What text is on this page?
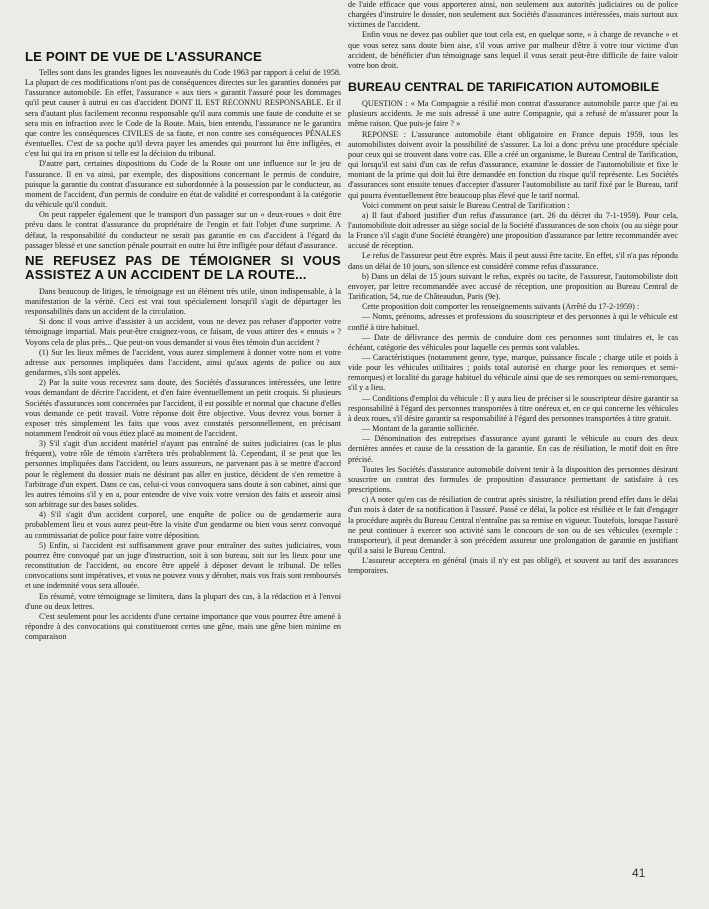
LE POINT DE VUE DE L'ASSURANCE

Telles sont dans les grandes lignes les nouveautés du Code 1963 par rapport à celui de 1958. La plupart de ces modifications n'ont pas de conséquences directes sur les garanties données par l'assurance automobile. En effet, l'assurance « aux tiers » garantit l'assuré pour les dommages qu'il peut causer à autrui en cas d'accident DONT IL EST RECONNU RESPONSABLE. Et il sera d'autant plus facilement reconnu responsable qu'il aura commis une faute de conduite et se sera mis en infraction avec le Code de la Route. Mais, bien entendu, l'assurance ne le garantira que contre les conséquences CIVILES de sa faute, et non contre ses conséquences PÉNALES éventuelles. C'est de sa poche qu'il devra payer les amendes qui pourront lui être infligées, et c'est lui qui ira en prison si telle est la décision du tribunal.

D'autre part, certaines dispositions du Code de la Route ont une influence sur le jeu de l'assurance. Il en va ainsi, par exemple, des dispositions concernant le permis de conduire, puisque la garantie du contrat d'assurance est subordonnée à la possession par le conducteur, au moment de l'accident, d'un permis de conduire en état de validité et correspondant à la catégorie du véhicule qu'il conduit.

On peut rappeler également que le transport d'un passager sur un « deux-roues » doit être prévu dans le contrat d'assurance du propriétaire de l'engin et fait l'objet d'une surprime. A défaut, la responsabilité du conducteur ne serait pas garantie en cas d'accident à l'égard du passager blessé et une sanction pénale pourrait en outre lui être infligée pour défaut d'assurance.

NE REFUSEZ PAS DE TÉMOIGNER SI VOUS ASSISTEZ A UN ACCIDENT DE LA ROUTE...

Dans beaucoup de litiges, le témoignage est un élément très utile, sinon indispensable, à la manifestation de la vérité. Ceci est vrai tout spécialement lorsqu'il s'agit de départager les responsabilités dans un accident de la circulation.

Si donc il vous arrive d'assister à un accident, vous ne devez pas refuser d'apporter votre témoignage impartial. Mais peut-être craignez-vous, ce faisant, de vous attirer des « ennuis » ? Voyons cela de plus près... Que peut-on vous demander si vous êtes témoin d'un accident ?

(1) Sur les lieux mêmes de l'accident, vous aurez simplement à donner votre nom et votre adresse aux personnes impliquées dans l'accident, ainsi qu'aux agents de police ou aux gendarmes, s'ils sont appelés.

2) Par la suite vous recevrez sans doute, des Sociétés d'assurances intéressées, une lettre vous demandant de décrire l'accident, et d'en faire éventuellement un petit croquis. Si plusieurs Sociétés d'assurances sont concernées par l'accident, il est possible et normal que chacune d'elles vous demande ce petit travail. Votre réponse doit être objective. Vous devrez vous borner à exposer très simplement les faits que vous avez constatés personnellement, en précisant notamment l'endroit où vous étiez placé au moment de l'accident.

3) S'il s'agit d'un accident matériel n'ayant pas entraîné de suites judiciaires (cas le plus fréquent), votre rôle de témoin s'arrêtera très probablement là. Cependant, il se peut que les personnes impliquées dans l'accident, ou leurs assureurs, ne parvenant pas à se mettre d'accord pour le règlement du dossier mais ne désirant pas aller en justice, décident de s'en remettre à l'arbitrage d'un expert. Dans ce cas, celui-ci vous convoquera sans doute à son cabinet, ainsi que les autres témoins s'il y en a, pour entendre de vive voix votre version des faits et asseoir ainsi son arbitrage sur des bases solides.

4) S'il s'agit d'un accident corporel, une enquête de police ou de gendarmerie aura probablement lieu et vous aurez peut-être la visite d'un gendarme ou bien vous serez convoqué au commissariat de police pour faire votre déposition.

5) Enfin, si l'accident est suffisamment grave pour entraîner des suites judiciaires, vous pourrez être convoqué par un juge d'instruction, soit à son bureau, soit sur les lieux pour une reconstitution de l'accident, ou encore être appelé à déposer devant le tribunal. De telles convocations sont impératives, et vous ne pouvez vous y dérober, mais vos frais sont remboursés et une indemnité vous sera allouée.

En résumé, votre témoignage se limitera, dans la plupart des cas, à la rédaction et à l'envoi d'une ou deux lettres.

C'est seulement pour les accidents d'une certaine importance que vous pourrez être amené à répondre à des convocations qui constitueront certes une gêne, mais une gêne bien minime en comparaison

de l'aide efficace que vous apporterez ainsi, non seulement aux autorités judiciaires ou de police chargées d'instruire le dossier, non seulement aux Sociétés d'assurances intéressées, mais surtout aux victimes de l'accident.

Enfin vous ne devez pas oublier que tout cela est, en quelque sorte, « à charge de revanche » et que vous serez sans doute bien aise, s'il vous arrive par malheur d'être à votre tour victime d'un accident, de bénéficier d'un témoignage sans lequel il vous serait peut-être difficile de faire valoir votre bon droit.

BUREAU CENTRAL DE TARIFICATION AUTOMOBILE

QUESTION : « Ma Compagnie a résilié mon contrat d'assurance automobile parce que j'ai eu plusieurs accidents. Je me suis adressé à une autre Compagnie, qui a refusé de m'assurer pour la même raison. Que puis-je faire ? »

REPONSE : L'assurance automobile étant obligatoire en France depuis 1959, tous les automobilistes doivent avoir la possibilité de s'assurer. La loi a donc prévu une procédure spéciale pour ceux qui se trouvent dans votre cas. Elle a créé un organisme, le Bureau Central de Tarification, qui lorsqu'il est saisi d'un cas de refus d'assurance, examine le dossier de l'automobiliste et fixe le montant de la prime qui doit lui être demandée en fonction du risque qu'il représente. Les Sociétés d'assurances sont ensuite tenues d'accepter d'assurer l'automobiliste au tarif fixé par le Bureau, tarif qui pourra éventuellement être beaucoup plus élevé que le tarif normal.

Voici comment on peut saisir le Bureau Central de Tarification :

a) Il faut d'abord justifier d'un refus d'assurance (art. 26 du décret du 7-1-1959). Pour cela, l'automobiliste doit adresser au siège social de la Société d'assurances de son choix (ou au siège pour la France s'il s'agit d'une Société étrangère) une proposition d'assurance par lettre recommandée avec accusé de réception.

Le refus de l'assureur peut être exprès. Mais il peut aussi être tacite. En effet, s'il n'a pas répondu dans un délai de 10 jours, son silence est considéré comme refus d'assurance.

b) Dans un délai de 15 jours suivant le refus, exprès ou tacite, de l'assureur, l'automobiliste doit envoyer, par lettre recommandée avec accusé de réception, une proposition au Bureau Central de Tarification, 54, rue de Châteaudun, Paris (9e).

Cette proposition doit comporter les renseignements suivants (Arrêté du 17-2-1959) :

— Noms, prénoms, adresses et professions du souscripteur et des personnes à qui le véhicule est confié à titre habituel.

— Date de délivrance des permis de conduire dont ces personnes sont titulaires et, le cas échéant, catégorie des véhicules pour laquelle ces permis sont valables.

— Caractéristiques (notamment genre, type, marque, puissance fiscale ; charge utile et poids à vide pour les véhicules utilitaires ; poids total autorisé en charge pour les remorques et semi-remorques) et localité du garage habituel du véhicule ainsi que de ses remorques ou semi-remorques, s'il y a lieu.

— Conditions d'emploi du véhicule : Il y aura lieu de préciser si le souscripteur désire garantir sa responsabilité à l'égard des personnes transportées à titre onéreux et, en ce qui concerne les véhicules à deux roues, s'il désire garantir sa responsabilité à l'égard des personnes transportées à titre gratuit.

— Montant de la garantie sollicitée.

— Dénomination des entreprises d'assurance ayant garanti le véhicule au cours des deux dernières années et cause de la cessation de la garantie. En cas de résiliation, le motif doit en être précisé.

Toutes les Sociétés d'assurance automobile doivent tenir à la disposition des personnes désirant souscrire un contrat des formules de proposition d'assurance permettant de satisfaire à ces prescriptions.

c) A noter qu'en cas de résiliation de contrat après sinistre, la résiliation prend effet dans le délai d'un mois à dater de sa notification à l'assuré. Passé ce délai, la police est résiliée et le fait d'engager la procédure auprès du Bureau Central n'entraîne pas sa remise en vigueur. Toutefois, lorsque l'assuré ne peut continuer à exercer son activité sans le concours de son ou de ses véhicules (exemple : transporteur), il peut demander à son précédent assureur une prolongation de garantie en justifiant qu'il a saisi le Bureau Central.

L'assureur acceptera en général (mais il n'y est pas obligé), et souvent au tarif des assurances temporaires.

41
